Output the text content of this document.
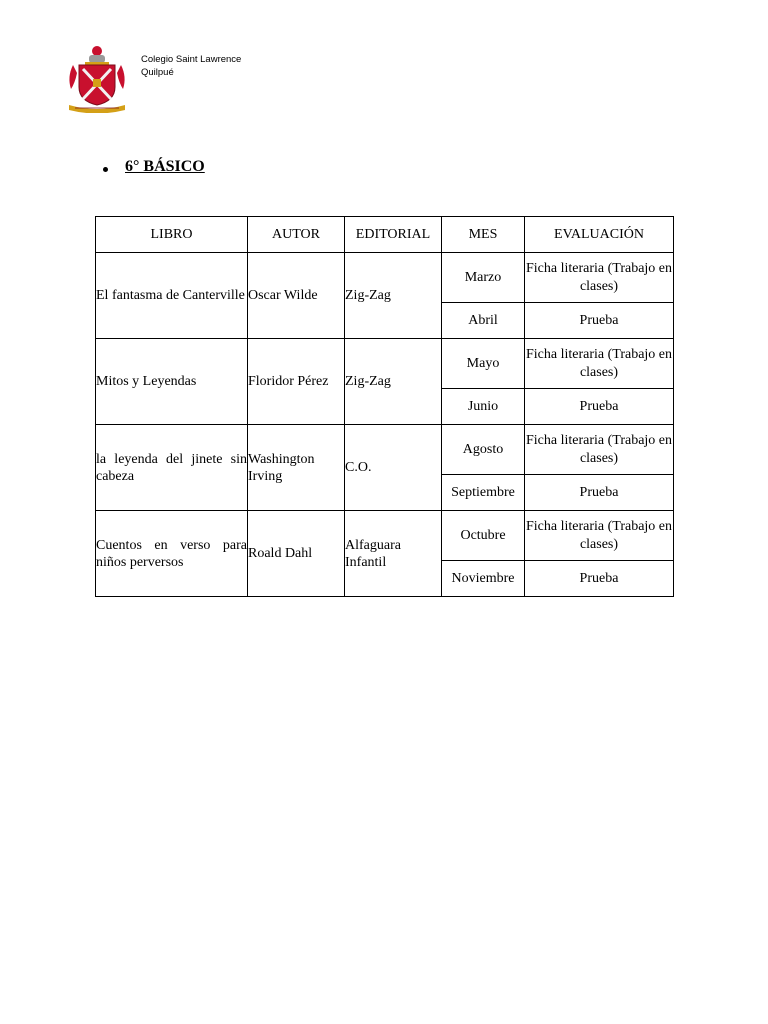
Colegio Saint Lawrence
Quilpué
6° BÁSICO
LIBRO	AUTOR	EDITORIAL	MES	EVALUACIÓN

El fantasma de Canterville	Oscar Wilde	Zig-Zag	Marzo	Ficha literaria (Trabajo en clases)
			Abril	Prueba

Mitos y Leyendas	Floridor Pérez	Zig-Zag	Mayo	Ficha literaria (Trabajo en clases)
			Junio	Prueba

la leyenda del jinete sin cabeza	Washington Irving	C.O.	Agosto	Ficha literaria (Trabajo en clases)
			Septiembre	Prueba

Cuentos en verso para niños perversos	Roald Dahl	Alfaguara Infantil	Octubre	Ficha literaria (Trabajo en clases)
			Noviembre	Prueba
